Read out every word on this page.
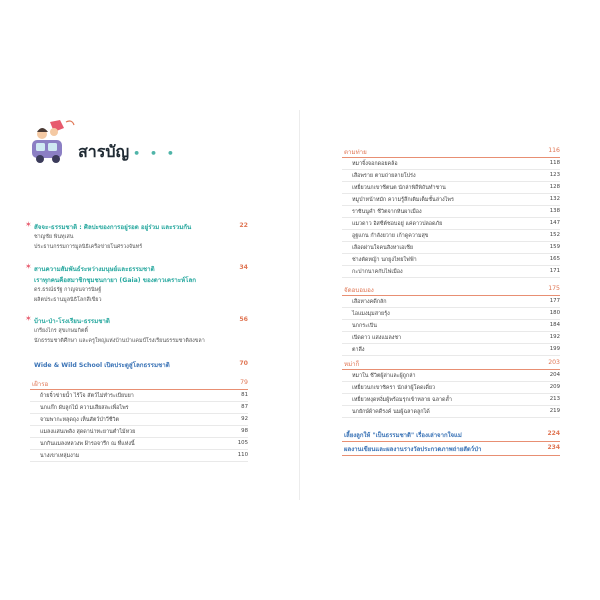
สารบัญ • • •
✶ สัจจะ-ธรรมชาติ : ศิลปะของการอยู่รอด อยู่ร่วม และรวมกัน	22
ชาญชัย พินทุเสน
ประธานกรรมการมูลนิธิเครือข่ายโนศรวงจันทร์
✶ สานความสัมพันธ์ระหว่างมนุษย์และธรรมชาติ	34
เราทุกคนคือสมาชิกชุมชนกายา (Gaia) ของดาวเคราะห์โลก
ดร.ธรณ์ธรัฐ กาญจนจารนิษฐ์
ผลิตประธานมูลนิธิโลกสีเขียว
✶ บ้าน-ป่า-โรงเรียน-ธรรมชาติ	56
เกรียงไกร สุขเกษมกิตติ์
นักธรรมชาติศึกษา และครูใหญ่แห่งบ้านป่าแคมป์โรงเรียนธรรมชาติสงขลา
Wide & Wild School เปิดประตูสู่โลกธรรมชาติ	70
เฝ้ารอ	79
ถ้ายจิ๋วข่ายน้ำ ไร้โจ สัตว์ไม่ทำระเบียบยา	81
นกแก๊ก ผับลูกไม้ ความเสียสละเพื่อไพร	87
จามพากะหลุดถุง เห็นสัตว์ป่าวีชีวิต	92
แมลงแสนเพลิง สุดดาน่าทะยานตำไม้หวย	98
นกกินแมลงหลวงพ ฝ้ารอจารึก ณ ที่แห่งนี้	105
นางเขาเหลุ่มงาม	110
ตามท่าย	116
หมาจิ้งจอกดอยคล้อ	118
เสือพราย ตามถ่ายลายโปร่ง	123
เหยี่ยวนกเขาชีตนต นักล่าพิถีพิถันทำชาน	128
หมูป่าหน้าหมัก ความรู้ลึกเติมเต็มชั้นล่างไพร	132
ราชินนูคำ ชีวิตจากหินผาเมือง	138
แมวดาว อิสซีต์ชอบอยู่ แค่ดาวปลอดภัย	147
อูฐแกน กำลังยวาย เก้าดูความสุข	152
เลือดผ่านใจคนสิงหาเอเชีย	159
ช่างตัดหญ้า นกยูงไทยใฟฟ้า	165
กะปากนาคกับไฟเมือง	171
จัดอบอมอง	175
เสือหางคดีกลัก	177
ไอแมงมุมสายรุ้ง	180
นกกระเปิน	184
เปิดดาว แสงแมลงชา	192
ตาลึง	199
หม่าก็	203
หมาใน ชีวิตผู้ล่าและผู้ถูกล่า	204
เหยี่ยวนกเขาชิครา นักล่าผู้โดดเดี่ยว	209
เหยี่ยวหงุดหงิ่มผู้พร้อมรุกเข้าหลาย ฉลาดล้ำ	213
นกยักษ์ผ้าคดีรงค์ นมผู้ฉลาดลูกได้	219
เลี้ยงลูกให้ "เป็นธรรมชาติ" เรื่องเล่าจากใจแม่	224
ผลงานเขียนและผลงานรางวัลประกวดภาพถ่ายสัตว์ป่า	234
